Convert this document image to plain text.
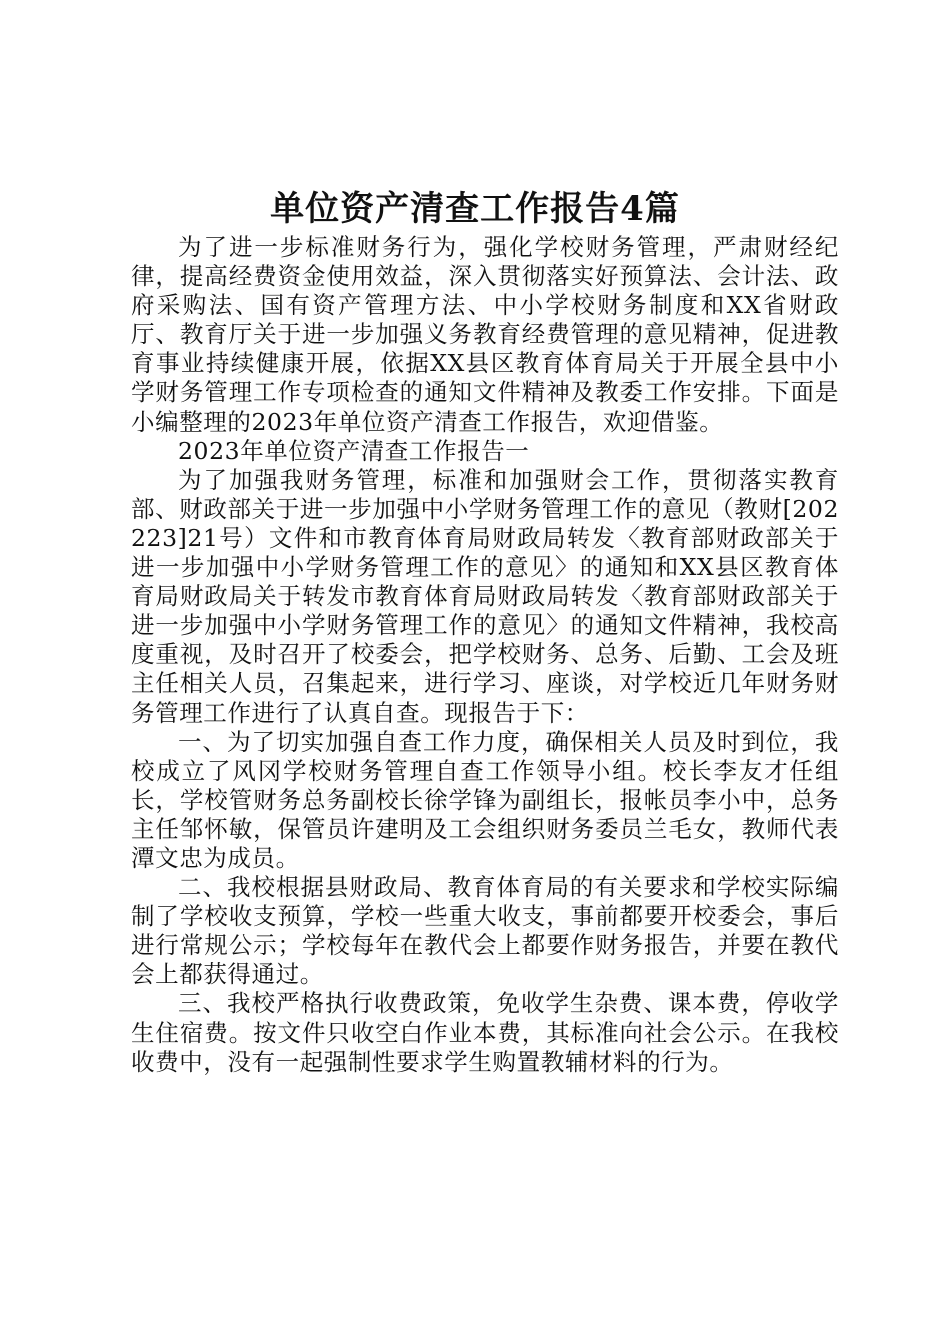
单位资产清查工作报告4篇

为了进一步标准财务行为，强化学校财务管理，严肃财经纪律，提高经费资金使用效益，深入贯彻落实好预算法、会计法、政府采购法、国有资产管理方法、中小学校财务制度和XX省财政厅、教育厅关于进一步加强义务教育经费管理的意见精神，促进教育事业持续健康开展，依据XX县区教育体育局关于开展全县中小学财务管理工作专项检查的通知文件精神及教委工作安排。下面是小编整理的2023年单位资产清查工作报告，欢迎借鉴。

2023年单位资产清查工作报告一

为了加强我财务管理，标准和加强财会工作，贯彻落实教育部、财政部关于进一步加强中小学财务管理工作的意见（教财[202223]21号）文件和市教育体育局财政局转发〈教育部财政部关于进一步加强中小学财务管理工作的意见〉的通知和XX县区教育体育局财政局关于转发市教育体育局财政局转发〈教育部财政部关于进一步加强中小学财务管理工作的意见〉的通知文件精神，我校高度重视，及时召开了校委会，把学校财务、总务、后勤、工会及班主任相关人员，召集起来，进行学习、座谈，对学校近几年财务财务管理工作进行了认真自查。现报告于下：

一、为了切实加强自查工作力度，确保相关人员及时到位，我校成立了风冈学校财务管理自查工作领导小组。校长李友才任组长，学校管财务总务副校长徐学锋为副组长，报帐员李小中，总务主任邹怀敏，保管员许建明及工会组织财务委员兰毛女，教师代表潭文忠为成员。

二、我校根据县财政局、教育体育局的有关要求和学校实际编制了学校收支预算，学校一些重大收支，事前都要开校委会，事后进行常规公示；学校每年在教代会上都要作财务报告，并要在教代会上都获得通过。

三、我校严格执行收费政策，免收学生杂费、课本费，停收学生住宿费。按文件只收空白作业本费，其标准向社会公示。在我校收费中，没有一起强制性要求学生购置教辅材料的行为。
